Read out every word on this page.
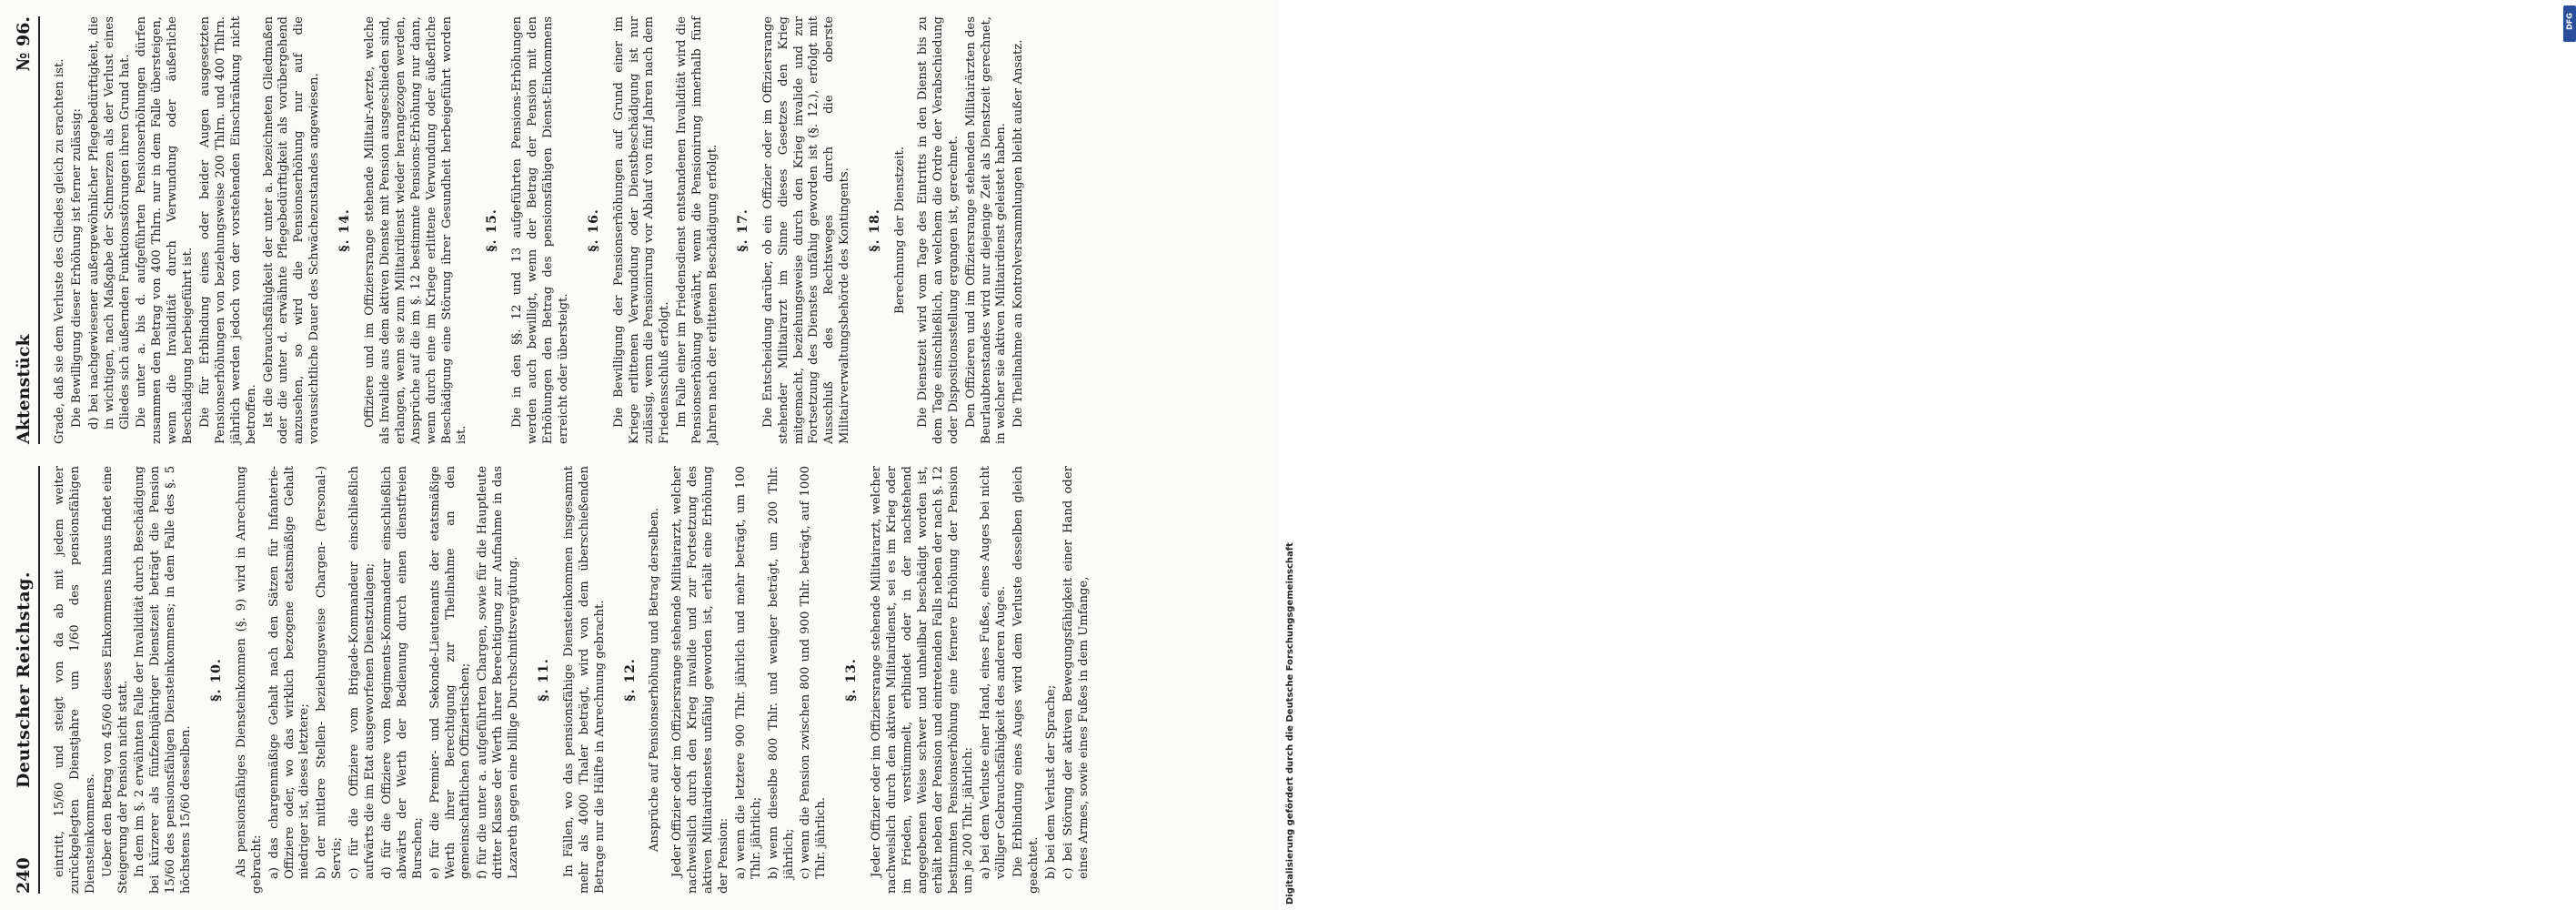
240
Deutscher Reichstag.
Aktenstück
№ 96.

eintritt, 15/60 und steigt von da ab mit jedem weiter zurückgelegten Dienstjahre um 1/60 des pensionsfähigen Diensteinkommens. Ueber den Betrag von 45/60 dieses Einkommens hinaus findet eine Steigerung der Pension nicht statt. In dem im §. 2 erwähnten Falle der Invalidität durch Beschädigung bei kürzerer als fünfzehnjähriger Dienstzeit beträgt die Pension 15/60 des pensionsfähigen Diensteinkommens; in dem Falle des §. 5 höchstens 15/60 desselben.

§. 10. Als pensionsfähiges Diensteinkommen (§. 9) wird in Anrechnung gebracht: a) das chargenmäßige Gehalt nach den Sätzen für Infanterie-Offiziere oder, wo das wirklich bezogene etatsmäßige Gehalt niedriger ist, dieses letztere; b) der mittlere Stellen- beziehungsweise Chargen- (Personal-) Servis; c) für die Offiziere vom Brigade-Kommandeur einschließlich aufwärts die im Etat ausgeworfenen Dienstzulagen; d) für die Offiziere vom Regiments-Kommandeur einschließlich abwärts der Werth der Bedienung durch einen dienstfreien Burschen; e) für die Premier- und Sekonde-Lieutenants der etatsmäßige Werth ihrer Berechtigung zur Theilnahme an den gemeinschaftlichen Offiziertischen; f) für die unter a. aufgeführten Chargen, sowie für die Hauptleute dritter Klasse der Werth ihrer Berechtigung zur Aufnahme in das Lazareth gegen eine billige Durchschnittsvergütung. §. 11. In Fällen, wo das pensionsfähige Diensteinkommen insgesammt mehr als 4000 Thaler beträgt, wird von dem überschießenden Betrage nur die Hälfte in Anrechnung gebracht. §. 12. Ansprüche auf Pensionserhöhung und Betrag derselben. Jeder Offizier oder im Offiziersrange stehende Militairarzt, welcher nachweislich durch den Krieg invalide und zur Fortsetzung des aktiven Militairdienstes unfähig geworden ist, erhält eine Erhöhung der Pension: a) wenn die letztere 900 Thlr. jährlich und mehr beträgt, um 100 Thlr. jährlich; b) wenn dieselbe 800 Thlr. und weniger beträgt, um 200 Thlr. jährlich; c) wenn die Pension zwischen 800 und 900 Thlr. beträgt, auf 1000 Thlr. jährlich.

§. 13. Jeder Offizier oder im Offiziersrange stehende Militairarzt, welcher nachweislich durch den aktiven Militairdienst, sei es im Krieg oder im Frieden, verstümmelt, erblindet oder in der nachstehend angegebenen Weise schwer und unheilbar beschädigt worden ist, erhält neben der Pension und eintretenden Falls neben der nach §. 12 bestimmten Pensionserhöhung eine fernere Erhöhung der Pension um je 200 Thlr. jährlich: a) bei dem Verluste einer Hand, eines Fußes, eines Auges bei nicht völliger Gebrauchsfähigkeit des anderen Auges. Die Erblindung eines Auges wird dem Verluste desselben gleich geachtet. b) bei dem Verlust der Sprache; c) bei Störung der aktiven Bewegungsfähigkeit einer Hand oder eines Armes, sowie eines Fußes in dem Umfange,

Grade, daß sie dem Verluste des Gliedes gleich zu erachten ist. Die Bewilligung dieser Erhöhung ist ferner zulässig: d) bei nachgewiesener außergewöhnlicher Pflegebedürftigkeit, die in wichtigen, nach Maßgabe der Schmerzen als der Verlust eines Gliedes sich äußernden Funktionsstörungen ihren Grund hat. Die unter a. bis d. aufgeführten Pensionserhöhungen dürfen zusammen den Betrag von 400 Thlrn. nur in dem Falle übersteigen, wenn die Invalidität durch Verwundung oder äußerliche Beschädigung herbeigeführt ist. Die für Erblindung eines oder beider Augen ausgesetzten Pensionserhöhungen von beziehungsweise 200 Thlrn. und 400 Thlrn. jährlich werden jedoch von der vorstehenden Einschränkung nicht betroffen. Ist die Gebrauchsfähigkeit der unter a. bezeichneten Gliedmaßen oder die unter d. erwähnte Pflegebedürftigkeit als vorübergehend anzusehen, so wird die Pensionserhöhung nur auf die voraussichtliche Dauer des Schwächezustandes angewiesen. §. 14. Offiziere und im Offiziersrange stehende Militair-Aerzte, welche als Invalide aus dem aktiven Dienste mit Pension ausgeschieden sind, erlangen, wenn sie zum Militairdienst wieder herangezogen werden, Ansprüche auf die im §. 12 bestimmte Pensions-Erhöhung nur dann, wenn durch eine im Kriege erlittene Verwundung oder äußerliche Beschädigung eine Störung ihrer Gesundheit herbeigeführt worden ist.

§. 15. Die in den §§. 12 und 13 aufgeführten Pensions-Erhöhungen werden auch bewilligt, wenn der Betrag der Pension mit den Erhöhungen den Betrag des pensionsfähigen Dienst-Einkommens erreicht oder übersteigt.

§. 16. Die Bewilligung der Pensionserhöhungen auf Grund einer im Kriege erlittenen Verwundung oder Dienstbeschädigung ist nur zulässig, wenn die Pensionirung vor Ablauf von fünf Jahren nach dem Friedensschluß erfolgt. Im Falle einer im Friedensdienst entstandenen Invalidität wird die Pensionserhöhung gewährt, wenn die Pensionirung innerhalb fünf Jahren nach der erlittenen Beschädigung erfolgt. §. 17. Die Entscheidung darüber, ob ein Offizier oder im Offiziersrange stehender Militairarzt im Sinne dieses Gesetzes den Krieg mitgemacht, beziehungsweise durch den Krieg invalide und zur Fortsetzung des Dienstes unfähig geworden ist (§. 12.), erfolgt mit Ausschluß des Rechtsweges durch die oberste Militairverwaltungsbehörde des Kontingents. §. 18. Berechnung der Dienstzeit. Die Dienstzeit wird vom Tage des Eintritts in den Dienst bis zu dem Tage einschließlich, an welchem die Ordre der Verabschiedung oder Dispositionsstellung ergangen ist, gerechnet. Den Offizieren und im Offiziersrange stehenden Militairärzten des Beurlaubtenstandes wird nur diejenige Zeit als Dienstzeit gerechnet, in welcher sie aktiven Militairdienst geleistet haben. Die Theilnahme an Kontrolversammlungen bleibt außer Ansatz.

DFG
Digitalisierung gefördert durch die Deutsche Forschungsgemeinschaft
